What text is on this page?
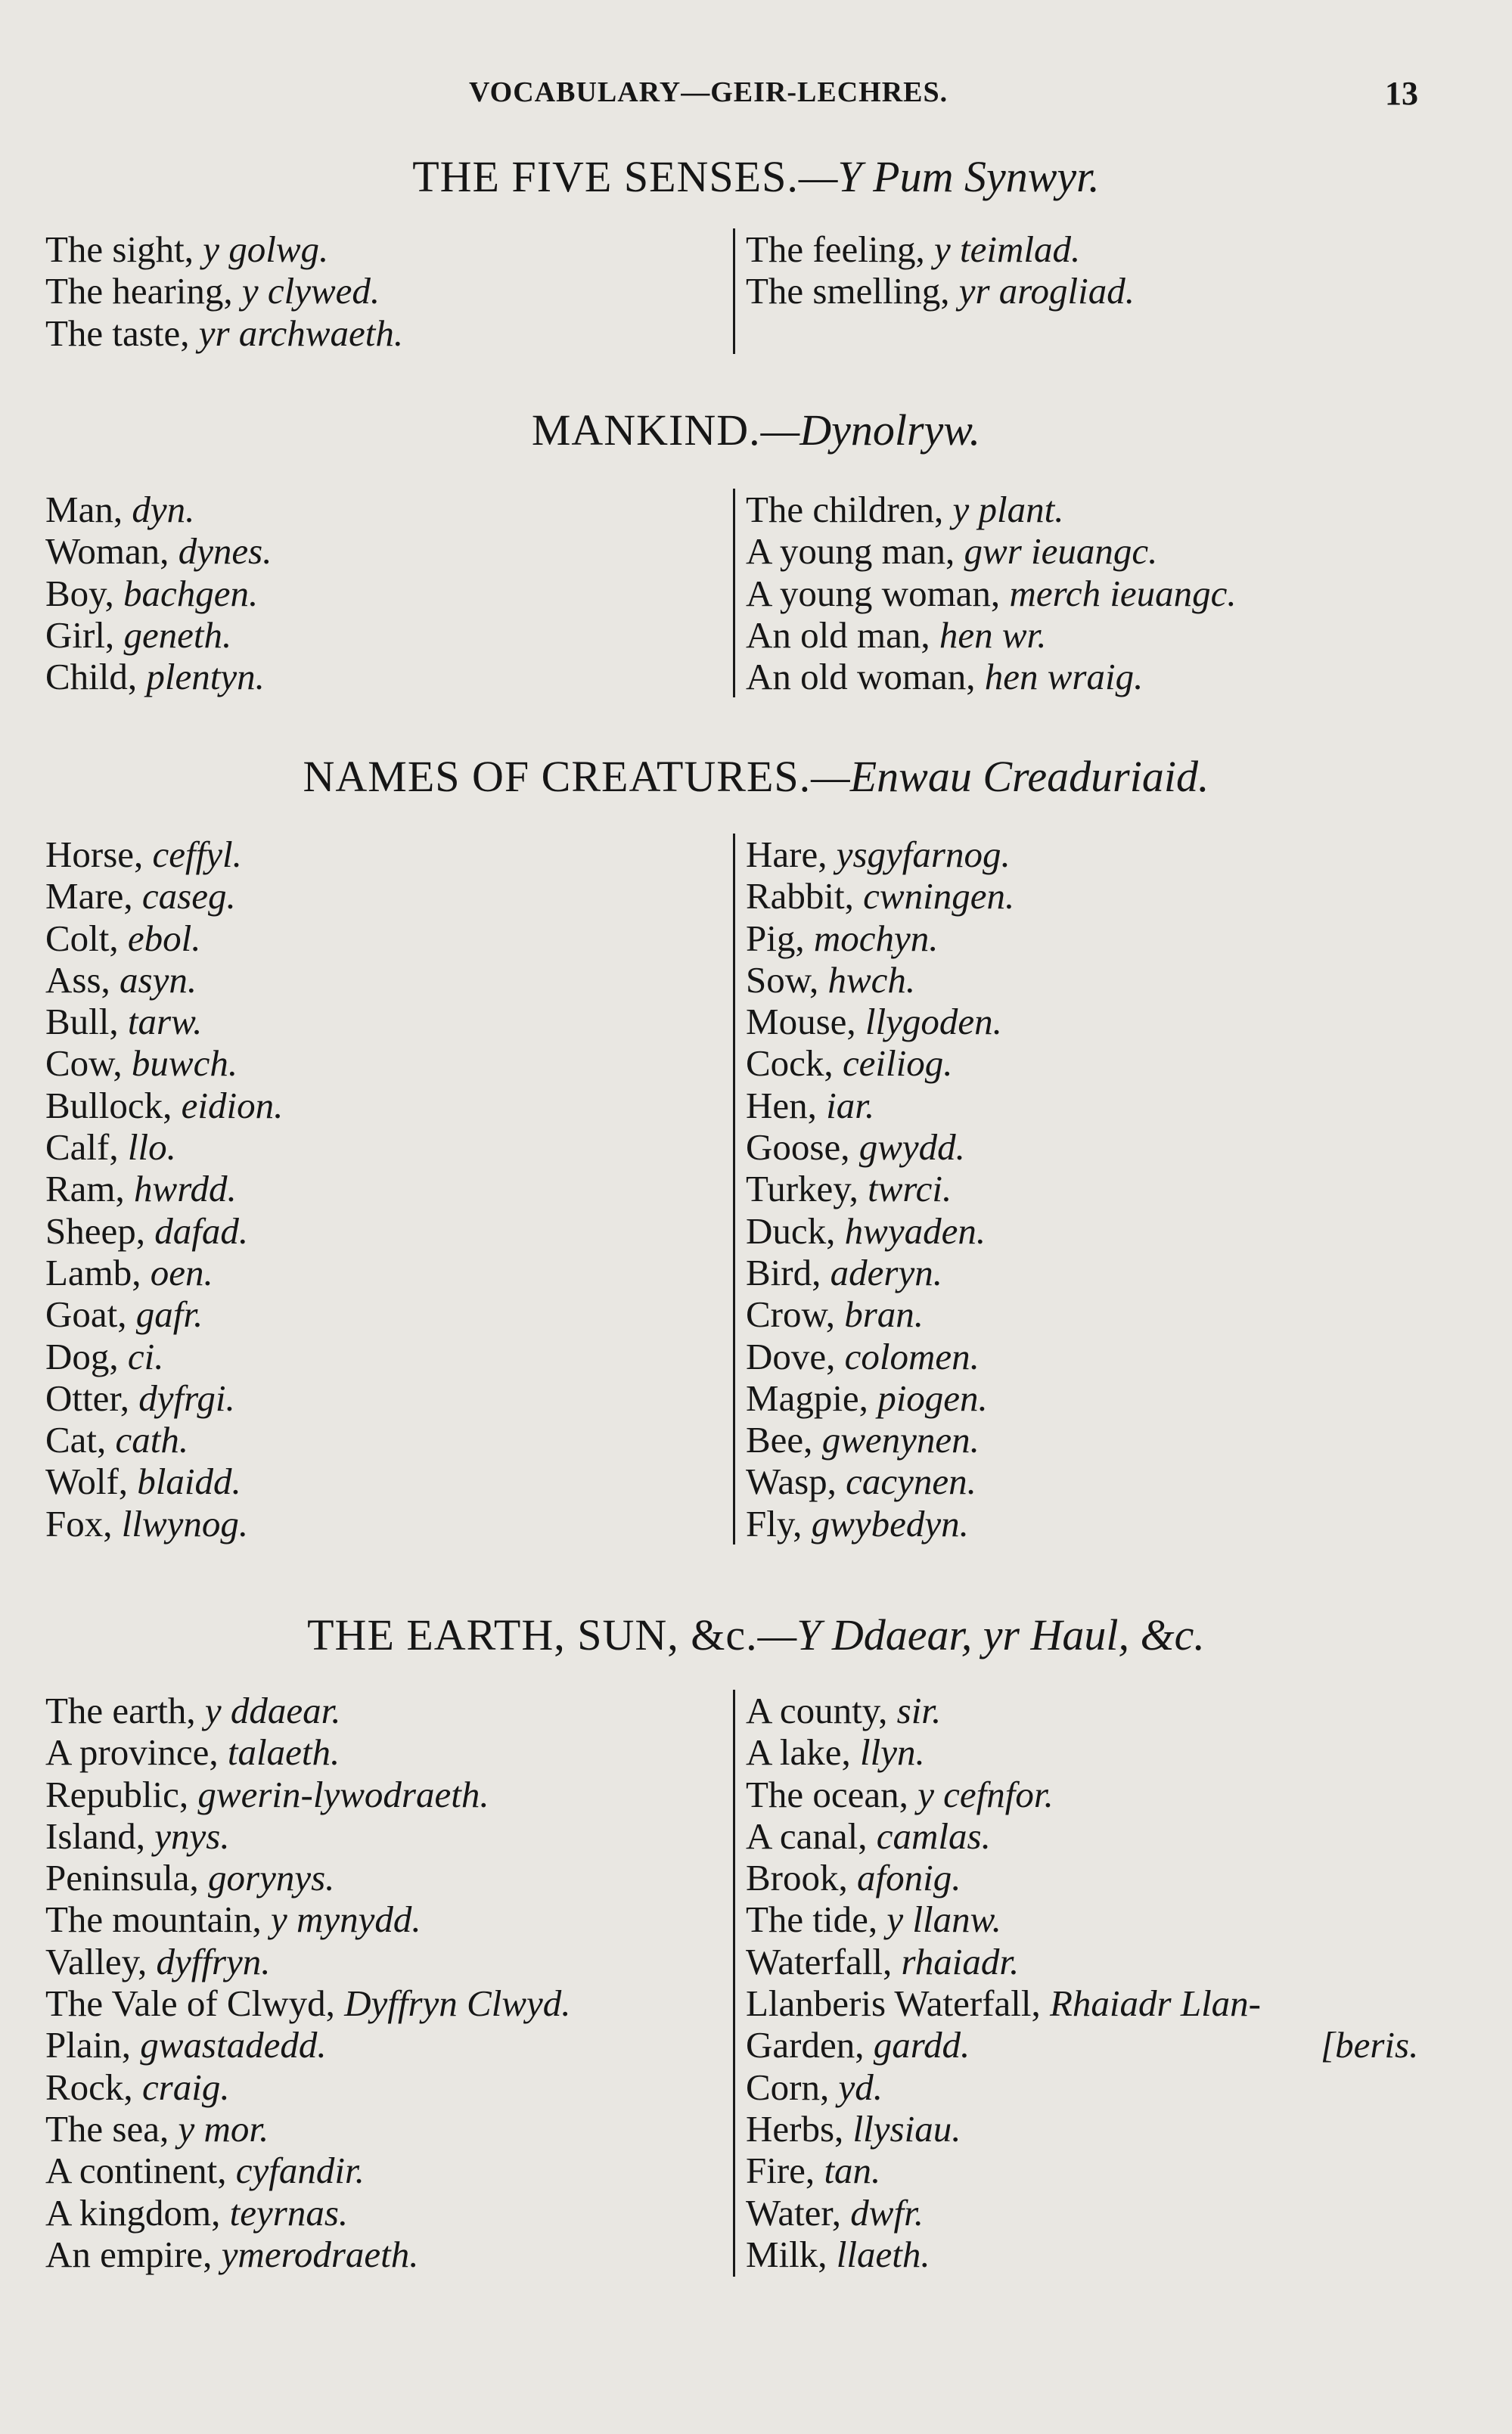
VOCABULARY—GEIR-LECHRES.	13
THE FIVE SENSES.—Y Pum Synwyr.
The sight, y golwg.
The hearing, y clywed.
The taste, yr archwaeth.
The feeling, y teimlad.
The smelling, yr arogliad.
MANKIND.—Dynolryw.
Man, dyn.
Woman, dynes.
Boy, bachgen.
Girl, geneth.
Child, plentyn.
The children, y plant.
A young man, gwr ieuangc.
A young woman, merch ieuangc.
An old man, hen wr.
An old woman, hen wraig.
NAMES OF CREATURES.—Enwau Creaduriaid.
Horse, ceffyl.
Mare, caseg.
Colt, ebol.
Ass, asyn.
Bull, tarw.
Cow, buwch.
Bullock, eidion.
Calf, llo.
Ram, hwrdd.
Sheep, dafad.
Lamb, oen.
Goat, gafr.
Dog, ci.
Otter, dyfrgi.
Cat, cath.
Wolf, blaidd.
Fox, llwynog.
Hare, ysgyfarnog.
Rabbit, cwningen.
Pig, mochyn.
Sow, hwch.
Mouse, llygoden.
Cock, ceiliog.
Hen, iar.
Goose, gwydd.
Turkey, twrci.
Duck, hwyaden.
Bird, aderyn.
Crow, bran.
Dove, colomen.
Magpie, piogen.
Bee, gwenynen.
Wasp, cacynen.
Fly, gwybedyn.
THE EARTH, SUN, &c.—Y Ddaear, yr Haul, &c.
The earth, y ddaear.
A province, talaeth.
Republic, gwerin-lywodraeth.
Island, ynys.
Peninsula, gorynys.
The mountain, y mynydd.
Valley, dyffryn.
The Vale of Clwyd, Dyffryn Clwyd.
Plain, gwastadedd.
Rock, craig.
The sea, y mor.
A continent, cyfandir.
A kingdom, teyrnas.
An empire, ymerodraeth.
A county, sir.
A lake, llyn.
The ocean, y cefnfor.
A canal, camlas.
Brook, afonig.
The tide, y llanw.
Waterfall, rhaiadr.
Llanberis Waterfall, Rhaiadr Llan-
Garden, gardd.	[beris.
Corn, yd.
Herbs, llysiau.
Fire, tan.
Water, dwfr.
Milk, llaeth.
